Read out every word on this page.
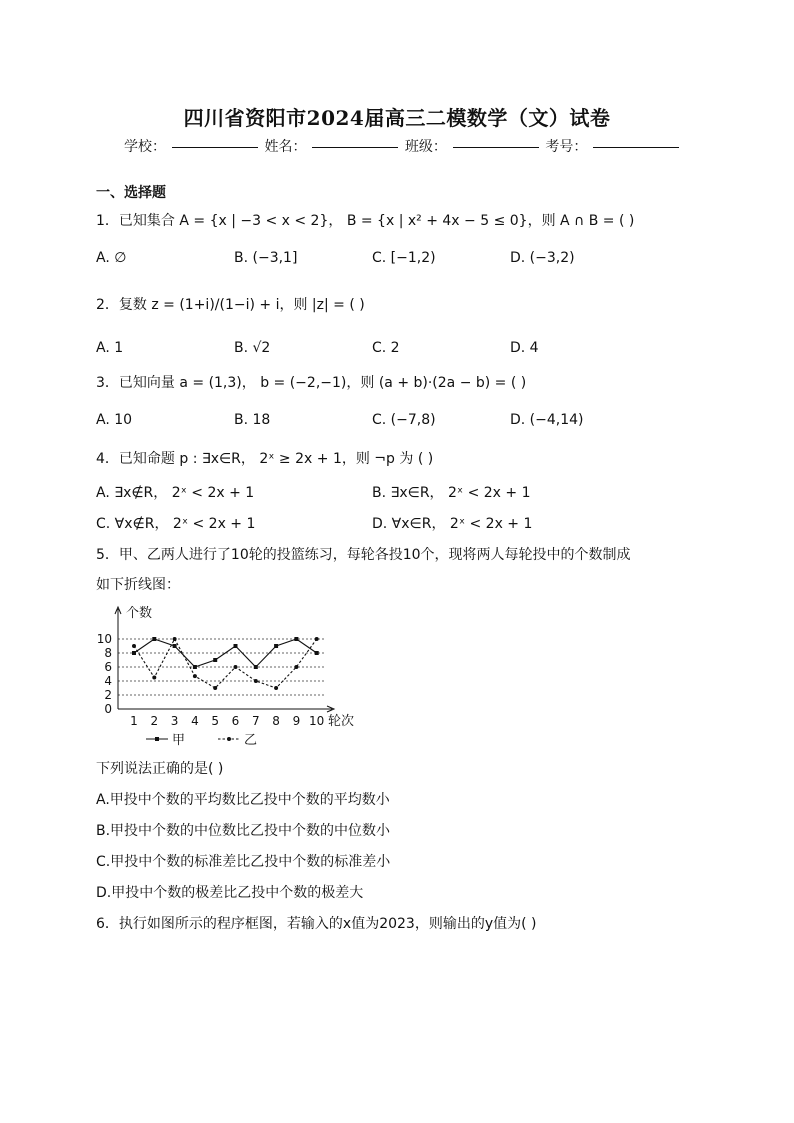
四川省资阳市2024届高三二模数学（文）试卷
学校：	姓名：	班级：	考号：
一、选择题
1．已知集合 A = {x | −3 < x < 2}， B = {x | x² + 4x − 5 ≤ 0}，则 A ∩ B = ( )
A. ∅	B. (−3,1]	C. [−1,2)	D. (−3,2)
2．复数 z = (1+i)/(1−i) + i，则 |z| = ( )
A. 1	B. √2	C. 2	D. 4
3．已知向量 a = (1,3)， b = (−2,−1)，则 (a + b)·(2a − b) = ( )
A. 10	B. 18	C. (−7,8)	D. (−4,14)
4．已知命题 p : ∃x∈R， 2ˣ ≥ 2x + 1，则 ¬p 为 ( )
A. ∃x∉R， 2ˣ < 2x + 1	B. ∃x∈R， 2ˣ < 2x + 1
C. ∀x∉R， 2ˣ < 2x + 1	D. ∀x∈R， 2ˣ < 2x + 1
5．甲、乙两人进行了10轮的投篮练习，每轮各投10个，现将两人每轮投中的个数制成
如下折线图：
0
2
4
6
8
10
1 2 3 4 5 6 7 8 9 10
个数
轮次
甲	乙
下列说法正确的是( )
A.甲投中个数的平均数比乙投中个数的平均数小
B.甲投中个数的中位数比乙投中个数的中位数小
C.甲投中个数的标准差比乙投中个数的标准差小
D.甲投中个数的极差比乙投中个数的极差大
6．执行如图所示的程序框图，若输入的x值为2023，则输出的y值为( )
